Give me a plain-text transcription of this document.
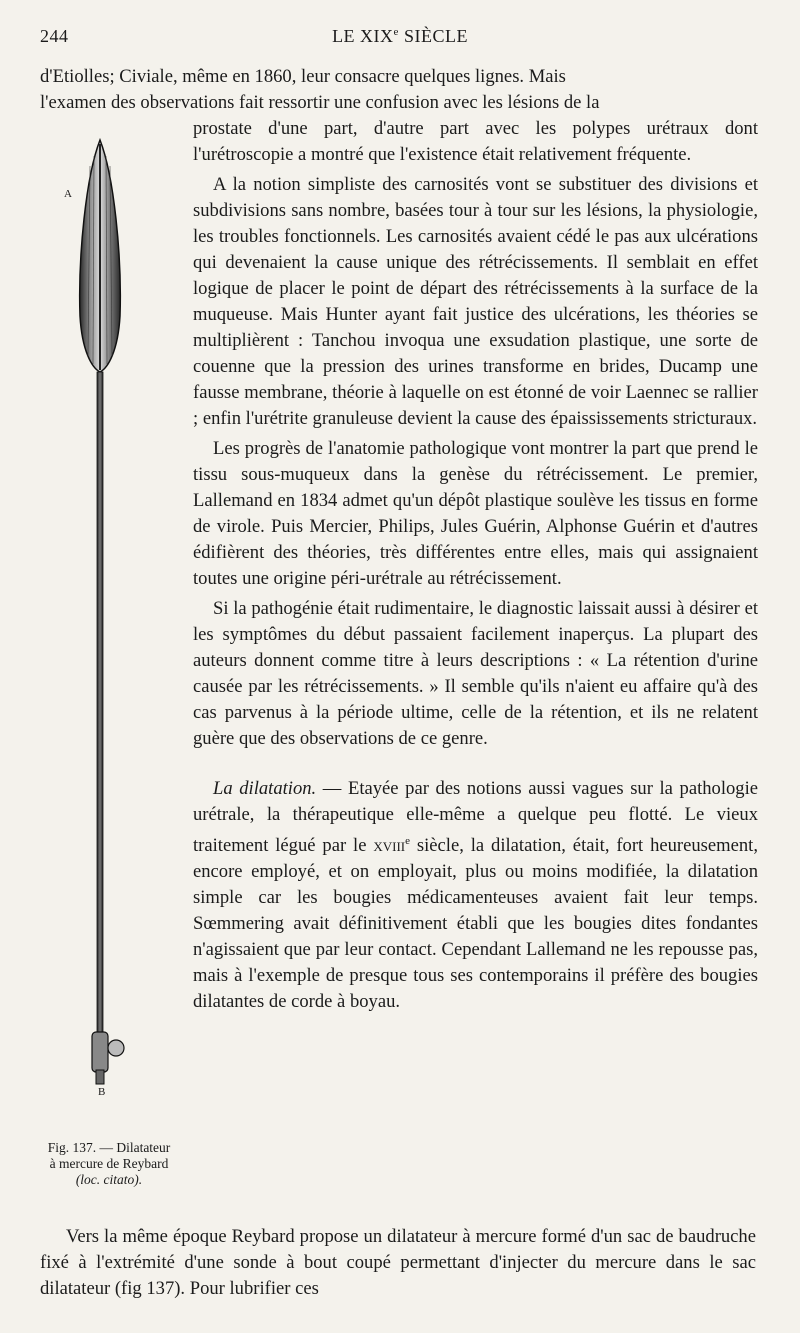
244	LE XIXe SIÈCLE

d'Etiolles; Civiale, même en 1860, leur consacre quelques lignes. Mais

l'examen des observations fait ressortir une confusion avec les lésions de la

prostate d'une part, d'autre part avec les polypes urétraux dont l'urétroscopie a montré que l'existence était relativement fréquente.

A la notion simpliste des carnosités vont se substituer des divisions et subdivisions sans nombre, basées tour à tour sur les lésions, la physiologie, les troubles fonctionnels. Les carnosités avaient cédé le pas aux ulcérations qui devenaient la cause unique des rétrécissements. Il semblait en effet logique de placer le point de départ des rétrécissements à la surface de la muqueuse. Mais Hunter ayant fait justice des ulcérations, les théories se multiplièrent : Tanchou invoqua une exsudation plastique, une sorte de couenne que la pression des urines transforme en brides, Ducamp une fausse membrane, théorie à laquelle on est étonné de voir Laennec se rallier ; enfin l'urétrite granuleuse devient la cause des épaississements stricturaux.

Les progrès de l'anatomie pathologique vont montrer la part que prend le tissu sous-muqueux dans la genèse du rétrécissement. Le premier, Lallemand en 1834 admet qu'un dépôt plastique soulève les tissus en forme de virole. Puis Mercier, Philips, Jules Guérin, Alphonse Guérin et d'autres édifièrent des théories, très différentes entre elles, mais qui assignaient toutes une origine péri-urétrale au rétrécissement.

Si la pathogénie était rudimentaire, le diagnostic laissait aussi à désirer et les symptômes du début passaient facilement inaperçus. La plupart des auteurs donnent comme titre à leurs descriptions : « La rétention d'urine causée par les rétrécissements. » Il semble qu'ils n'aient eu affaire qu'à des cas parvenus à la période ultime, celle de la rétention, et ils ne relatent guère que des observations de ce genre.

La dilatation. — Etayée par des notions aussi vagues sur la pathologie urétrale, la thérapeutique elle-même a quelque peu flotté. Le vieux traitement légué par le xviii$^e$ siècle, la dilatation, était, fort heureusement, encore employé, et on employait, plus ou moins modifiée, la dilatation simple car les bougies médicamenteuses avaient fait leur temps. Sœmmering avait définitivement établi que les bougies dites fondantes n'agissaient que par leur contact. Cependant Lallemand ne les repousse pas, mais à l'exemple de presque tous ses contemporains il préfère des bougies dilatantes de corde à boyau.

Vers la même époque Reybard propose un dilatateur à mercure formé d'un sac de baudruche fixé à l'extrémité d'une sonde à bout coupé permettant d'injecter du mercure dans le sac dilatateur (fig 137). Pour lubrifier ces

A
B
Fig. 137. — Dilatateur à mercure de Reybard (loc. citato).
